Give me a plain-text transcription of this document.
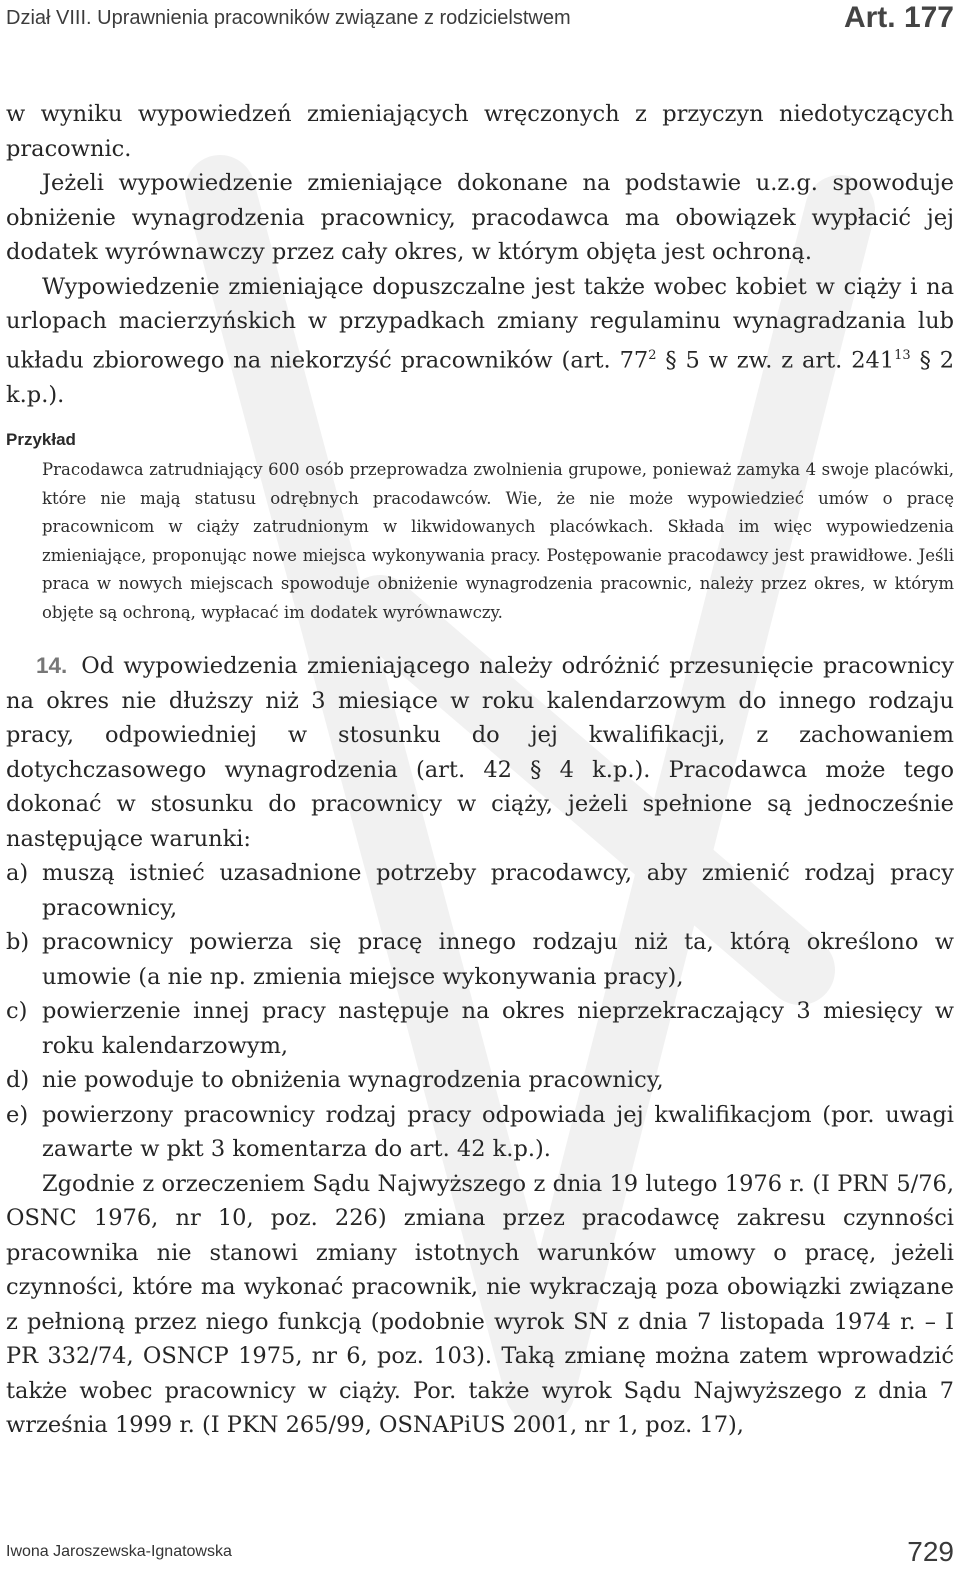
Dział VIII. Uprawnienia pracowników związane z rodzicielstwem	Art. 177

w wyniku wypowiedzeń zmieniających wręczonych z przyczyn niedotyczących pracownic.

Jeżeli wypowiedzenie zmieniające dokonane na podstawie u.z.g. spowoduje obniżenie wynagrodzenia pracownicy, pracodawca ma obowiązek wypłacić jej dodatek wyrównawczy przez cały okres, w którym objęta jest ochroną.

Wypowiedzenie zmieniające dopuszczalne jest także wobec kobiet w ciąży i na urlopach macierzyńskich w przypadkach zmiany regulaminu wynagradzania lub układu zbiorowego na niekorzyść pracowników (art. $77^2$ § 5 w zw. z art. $241^{13}$ § 2 k.p.).

Przykład
Pracodawca zatrudniający 600 osób przeprowadza zwolnienia grupowe, ponieważ zamyka 4 swoje placówki, które nie mają statusu odrębnych pracodawców. Wie, że nie może wypowiedzieć umów o pracę pracownicom w ciąży zatrudnionym w likwidowanych placówkach. Składa im więc wypowiedzenia zmieniające, proponując nowe miejsca wykonywania pracy. Postępowanie pracodawcy jest prawidłowe. Jeśli praca w nowych miejscach spowoduje obniżenie wynagrodzenia pracownic, należy przez okres, w którym objęte są ochroną, wypłacać im dodatek wyrównawczy.
14. Od wypowiedzenia zmieniającego należy odróżnić przesunięcie pracownicy na okres nie dłuższy niż 3 miesiące w roku kalendarzowym do innego rodzaju pracy, odpowiedniej w stosunku do jej kwalifikacji, z zachowaniem dotychczasowego wynagrodzenia (art. 42 § 4 k.p.). Pracodawca może tego dokonać w stosunku do pracownicy w ciąży, jeżeli spełnione są jednocześnie następujące warunki:
a) muszą istnieć uzasadnione potrzeby pracodawcy, aby zmienić rodzaj pracy pracownicy,
b) pracownicy powierza się pracę innego rodzaju niż ta, którą określono w umowie (a nie np. zmienia miejsce wykonywania pracy),
c) powierzenie innej pracy następuje na okres nieprzekraczający 3 miesięcy w roku kalendarzowym,
d) nie powoduje to obniżenia wynagrodzenia pracownicy,
e) powierzony pracownicy rodzaj pracy odpowiada jej kwalifikacjom (por. uwagi zawarte w pkt 3 komentarza do art. 42 k.p.).
Zgodnie z orzeczeniem Sądu Najwyższego z dnia 19 lutego 1976 r. (I PRN 5/76, OSNC 1976, nr 10, poz. 226) zmiana przez pracodawcę zakresu czynności pracownika nie stanowi zmiany istotnych warunków umowy o pracę, jeżeli czynności, które ma wykonać pracownik, nie wykraczają poza obowiązki związane z pełnioną przez niego funkcją (podobnie wyrok SN z dnia 7 listopada 1974 r. – I PR 332/74, OSNCP 1975, nr 6, poz. 103). Taką zmianę można zatem wprowadzić także wobec pracownicy w ciąży. Por. także wyrok Sądu Najwyższego z dnia 7 września 1999 r. (I PKN 265/99, OSNAPiUS 2001, nr 1, poz. 17),
Iwona Jaroszewska-Ignatowska	729
